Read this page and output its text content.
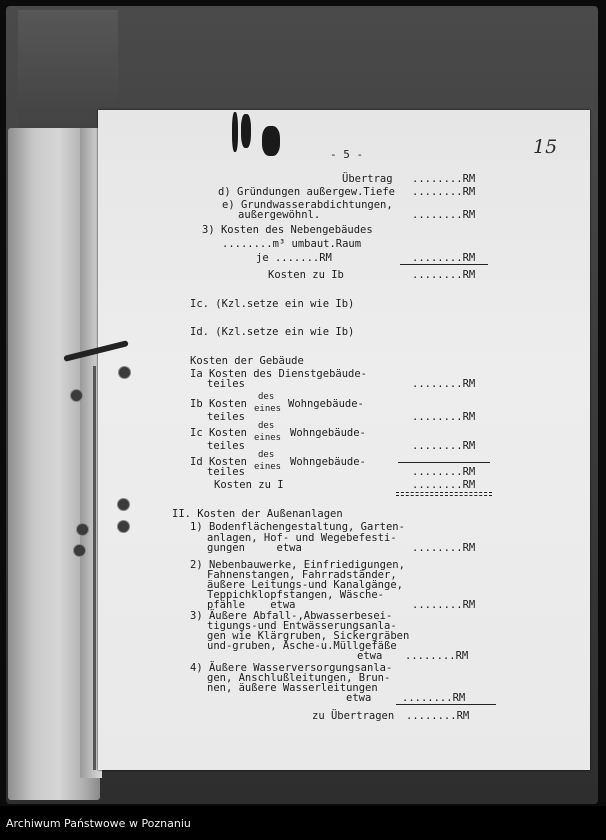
- 5 -	15
Übertrag ........RM
d) Gründungen außergew.Tiefe ........RM
e) Grundwasserabdichtungen,
außergewöhnl.	........RM
3) Kosten des Nebengebäudes
........m³ umbaut.Raum
je .......RM	........RM
Kosten zu Ib	........RM
Ic. (Kzl.setze ein wie Ib)
Id. (Kzl.setze ein wie Ib)
Kosten der Gebäude
Ia Kosten des Dienstgebäude-
teiles	........RM
Ib Kosten
des
eines Wohngebäude-
teiles	........RM
Ic Kosten
des
eines Wohngebäude-
teiles	........RM
Id Kosten
des
eines Wohngebäude-
teiles	........RM
Kosten zu I	........RM
II. Kosten der Außenanlagen
1) Bodenflächengestaltung, Garten-
anlagen, Hof- und Wegebefesti-
gungen     etwa	........RM
2) Nebenbauwerke, Einfriedigungen,
Fahnenstangen, Fahrradständer,
äußere Leitungs-und Kanalgänge,
Teppichklopfstangen, Wäsche-
pfähle    etwa	........RM
3) Äußere Abfall-,Abwasserbesei-
tigungs-und Entwässerungsanla-
gen wie Klärgruben, Sickergräben
und-gruben, Asche-u.Müllgefäße
etwa ........RM
4) Äußere Wasserversorgungsanla-
gen, Anschlußleitungen, Brun-
nen, äußere Wasserleitungen
etwa	........RM
zu Übertragen ........RM
Archiwum Państwowe w Poznaniu
